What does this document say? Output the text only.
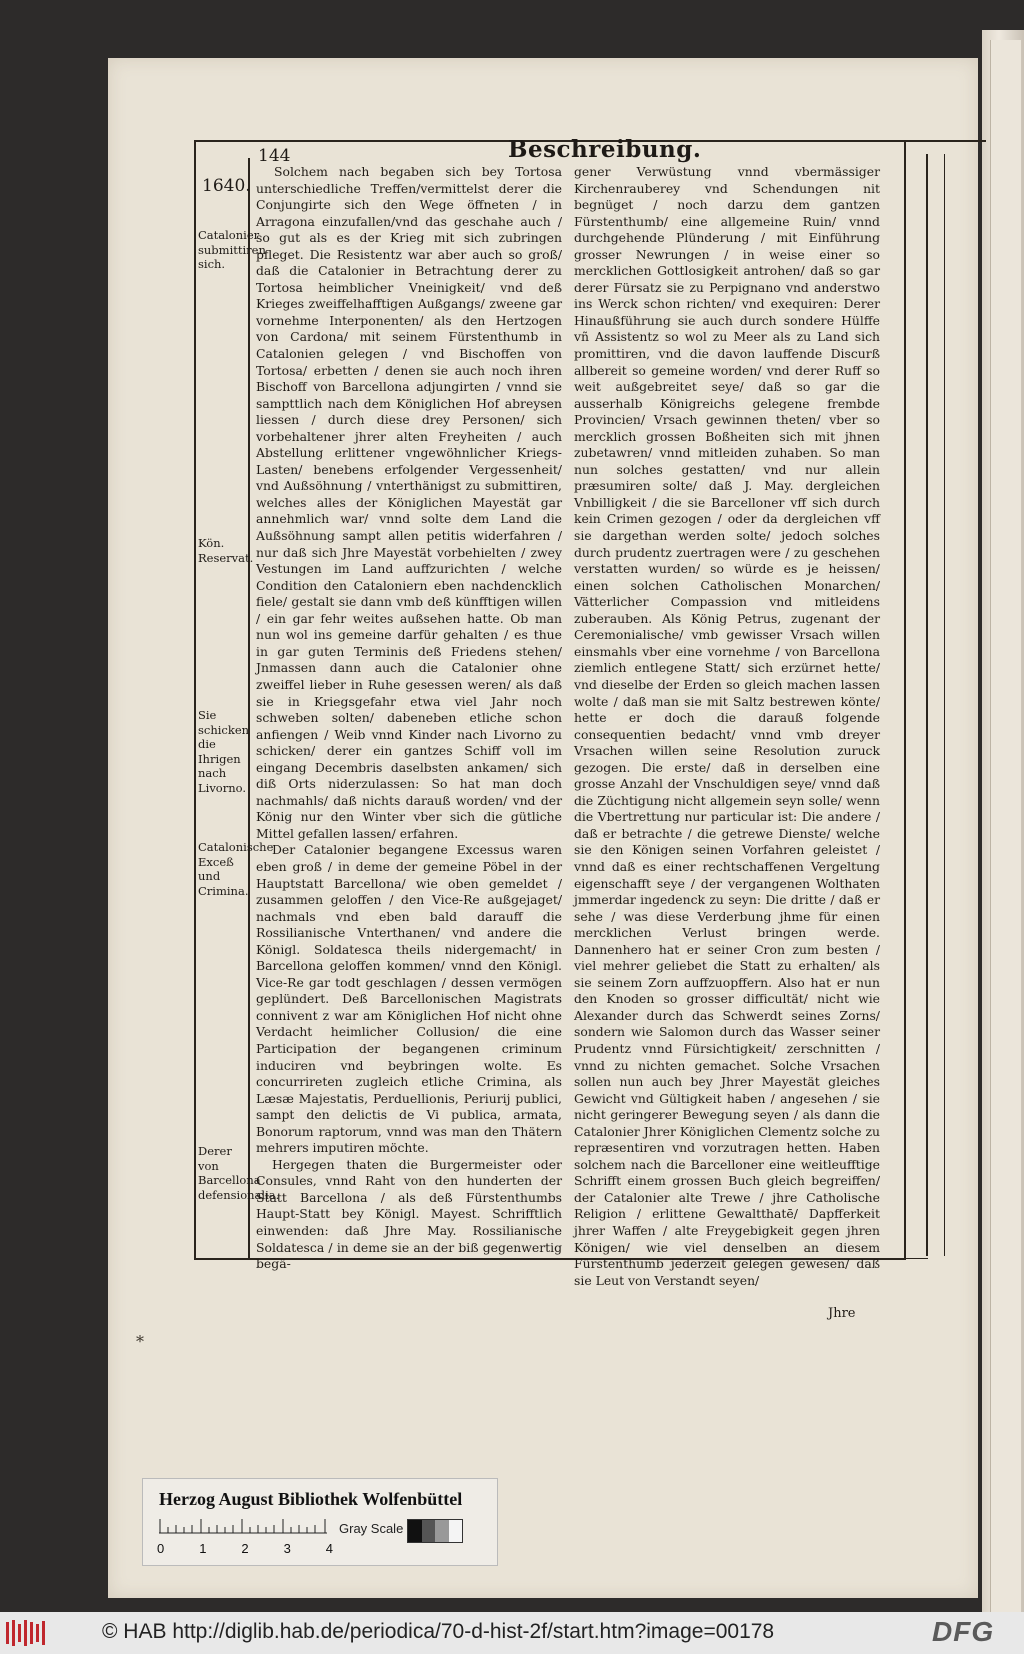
144	Beschreibung.
1640.
Catalonier submittiren sich.
Kön. Reservat.
Sie schicken die Ihrigen nach Livorno.
Catalonische Exceß und Crimina.
Derer von Barcellona defensionalia.

Solchem nach begaben sich bey Tortosa unterschiedliche Treffen/vermittelst derer die Conjungirte sich den Wege öffneten / in Arragona einzufallen/vnd das geschahe auch / so gut als es der Krieg mit sich zubringen pfleget. Die Resistentz war aber auch so groß/ daß die Catalonier in Betrachtung derer zu Tortosa heimblicher Vneinigkeit/ vnd deß Krieges zweiffelhafftigen Außgangs/ zweene gar vornehme Interponenten/ als den Hertzogen von Cardona/ mit seinem Fürstenthumb in Catalonien gelegen / vnd Bischoffen von Tortosa/ erbetten / denen sie auch noch ihren Bischoff von Barcellona adjungirten / vnnd sie sampttlich nach dem Königlichen Hof abreysen liessen / durch diese drey Personen/ sich vorbehaltener jhrer alten Freyheiten / auch Abstellung erlittener vngewöhnlicher Kriegs-Lasten/ benebens erfolgender Vergessenheit/ vnd Außsöhnung / vnterthänigst zu submittiren, welches alles der Königlichen Mayestät gar annehmlich war/ vnnd solte dem Land die Außsöhnung sampt allen petitis widerfahren / nur daß sich Jhre Mayestät vorbehielten / zwey Vestungen im Land auffzurichten / welche Condition den Cataloniern eben nachdencklich fiele/ gestalt sie dann vmb deß künfftigen willen / ein gar fehr weites außsehen hatte. Ob man nun wol ins gemeine darfür gehalten / es thue in gar guten Terminis deß Friedens stehen/ Jnmassen dann auch die Catalonier ohne zweiffel lieber in Ruhe gesessen weren/ als daß sie in Kriegsgefahr etwa viel Jahr noch schweben solten/ dabeneben etliche schon anfiengen / Weib vnnd Kinder nach Livorno zu schicken/ derer ein gantzes Schiff voll im eingang Decembris daselbsten ankamen/ sich diß Orts niderzulassen: So hat man doch nachmahls/ daß nichts darauß worden/ vnd der König nur den Winter vber sich die gütliche Mittel gefallen lassen/ erfahren.

Der Catalonier begangene Excessus waren eben groß / in deme der gemeine Pöbel in der Hauptstatt Barcellona/ wie oben gemeldet / zusammen geloffen / den Vice-Re außgejaget/ nachmals vnd eben bald darauff die Rossilianische Vnterthanen/ vnd andere die Königl. Soldatesca theils nidergemacht/ in Barcellona geloffen kommen/ vnnd den Königl. Vice-Re gar todt geschlagen / dessen vermögen geplündert. Deß Barcellonischen Magistrats connivent z war am Königlichen Hof nicht ohne Verdacht heimlicher Collusion/ die eine Participation der begangenen criminum induciren vnd beybringen wolte. Es concurrireten zugleich etliche Crimina, als Læsæ Majestatis, Perduellionis, Periurij publici, sampt den delictis de Vi publica, armata, Bonorum raptorum, vnnd was man den Thätern mehrers imputiren möchte.

Hergegen thaten die Burgermeister oder Consules, vnnd Raht von den hunderten der Statt Barcellona / als deß Fürstenthumbs Haupt-Statt bey Königl. Mayest. Schrifftlich einwenden: daß Jhre May. Rossilianische Soldatesca / in deme sie an der biß gegenwertig begä-

gener Verwüstung vnnd vbermässiger Kirchenrauberey vnd Schendungen nit begnüget / noch darzu dem gantzen Fürstenthumb/ eine allgemeine Ruin/ vnnd durchgehende Plünderung / mit Einführung grosser Newrungen / in weise einer so mercklichen Gottlosigkeit antrohen/ daß so gar derer Fürsatz sie zu Perpignano vnd anderstwo ins Werck schon richten/ vnd exequiren: Derer Hinaußführung sie auch durch sondere Hülffe vñ Assistentz so wol zu Meer als zu Land sich promittiren, vnd die davon lauffende Discurß allbereit so gemeine worden/ vnd derer Ruff so weit außgebreitet seye/ daß so gar die ausserhalb Königreichs gelegene frembde Provincien/ Vrsach gewinnen theten/ vber so mercklich grossen Boßheiten sich mit jhnen zubetawren/ vnnd mitleiden zuhaben. So man nun solches gestatten/ vnd nur allein præsumiren solte/ daß J. May. dergleichen Vnbilligkeit / die sie Barcelloner vff sich durch kein Crimen gezogen / oder da dergleichen vff sie dargethan werden solte/ jedoch solches durch prudentz zuertragen were / zu geschehen verstatten wurden/ so würde es je heissen/ einen solchen Catholischen Monarchen/ Vätterlicher Compassion vnd mitleidens zuberauben. Als König Petrus, zugenant der Ceremonialische/ vmb gewisser Vrsach willen einsmahls vber eine vornehme / von Barcellona ziemlich entlegene Statt/ sich erzürnet hette/ vnd dieselbe der Erden so gleich machen lassen wolte / daß man sie mit Saltz bestrewen könte/ hette er doch die darauß folgende consequentien bedacht/ vnnd vmb dreyer Vrsachen willen seine Resolution zuruck gezogen. Die erste/ daß in derselben eine grosse Anzahl der Vnschuldigen seye/ vnnd daß die Züchtigung nicht allgemein seyn solle/ wenn die Vbertrettung nur particular ist: Die andere / daß er betrachte / die getrewe Dienste/ welche sie den Königen seinen Vorfahren geleistet / vnnd daß es einer rechtschaffenen Vergeltung eigenschafft seye / der vergangenen Wolthaten jmmerdar ingedenck zu seyn: Die dritte / daß er sehe / was diese Verderbung jhme für einen mercklichen Verlust bringen werde. Dannenhero hat er seiner Cron zum besten / viel mehrer geliebet die Statt zu erhalten/ als sie seinem Zorn auffzuopffern. Also hat er nun den Knoden so grosser difficultät/ nicht wie Alexander durch das Schwerdt seines Zorns/ sondern wie Salomon durch das Wasser seiner Prudentz vnnd Fürsichtigkeit/ zerschnitten / vnnd zu nichten gemachet. Solche Vrsachen sollen nun auch bey Jhrer Mayestät gleiches Gewicht vnd Gültigkeit haben / angesehen / sie nicht geringerer Bewegung seyen / als dann die Catalonier Jhrer Königlichen Clementz solche zu repræsentiren vnd vorzutragen hetten. Haben solchem nach die Barcelloner eine weitleufftige Schrifft einem grossen Buch gleich begreiffen/ der Catalonier alte Trewe / jhre Catholische Religion / erlittene Gewaltthatē/ Dapfferkeit jhrer Waffen / alte Freygebigkeit gegen jhren Königen/ wie viel denselben an diesem Fürstenthumb jederzeit gelegen gewesen/ daß sie Leut von Verstandt seyen/

Jhre
*
Herzog August Bibliothek Wolfenbüttel
Gray Scale
0	1	2	3	4
© HAB http://diglib.hab.de/periodica/70-d-hist-2f/start.htm?image=00178	DFG
